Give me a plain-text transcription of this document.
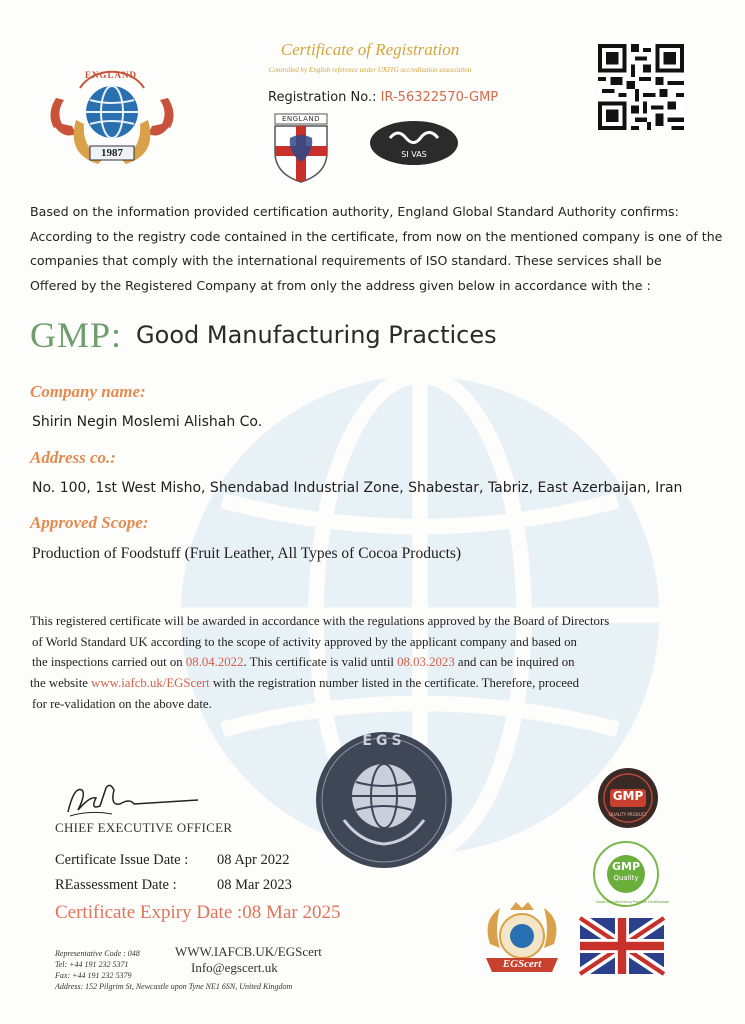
ENGLAND
1987
Certificate of Registration
Controlled by English reference under UKITG accreditation association
Registration No.: IR-56322570-GMP
ENGLAND
SI VAS

Based on the information provided certification authority, England Global Standard Authority confirms:

According to the registry code contained in the certificate, from now on the mentioned company is one of the

companies that comply with the international requirements of ISO standard. These services shall be

Offered by the Registered Company at from only the address given below in accordance with the :

GMP: Good Manufacturing Practices
Company name:
Shirin Negin Moslemi Alishah Co.
Address co.:
No. 100, 1st West Misho, Shendabad Industrial Zone, Shabestar, Tabriz, East Azerbaijan, Iran
Approved Scope:
Production of Foodstuff (Fruit Leather, All Types of Cocoa Products)

This registered certificate will be awarded in accordance with the regulations approved by the Board of Directors

of World Standard UK according to the scope of activity approved by the applicant company and based on

the inspections carried out on 08.04.2022. This certificate is valid until 08.03.2023 and can be inquired on

the website www.iafcb.uk/EGScert with the registration number listed in the certificate. Therefore, proceed

for re-validation on the above date.

CHIEF EXECUTIVE OFFICER
Certificate Issue Date : 08 Apr 2022
REassessment Date :	08 Mar 2023
Certificate Expiry Date :08 Mar 2025
Representative Code : 048
Tel: +44 191 232 5371
Fax: +44 191 232 5379
Address: 152 Pilgrim St, Newcastle upon Tyne NE1 6SN, United Kingdom
WWW.IAFCB.UK/EGScert
Info@egscert.uk
EGS
GMP
QUALITY PRODUCT
GMP
Quality
Good Manufacturing Practice Certification
EGScert
